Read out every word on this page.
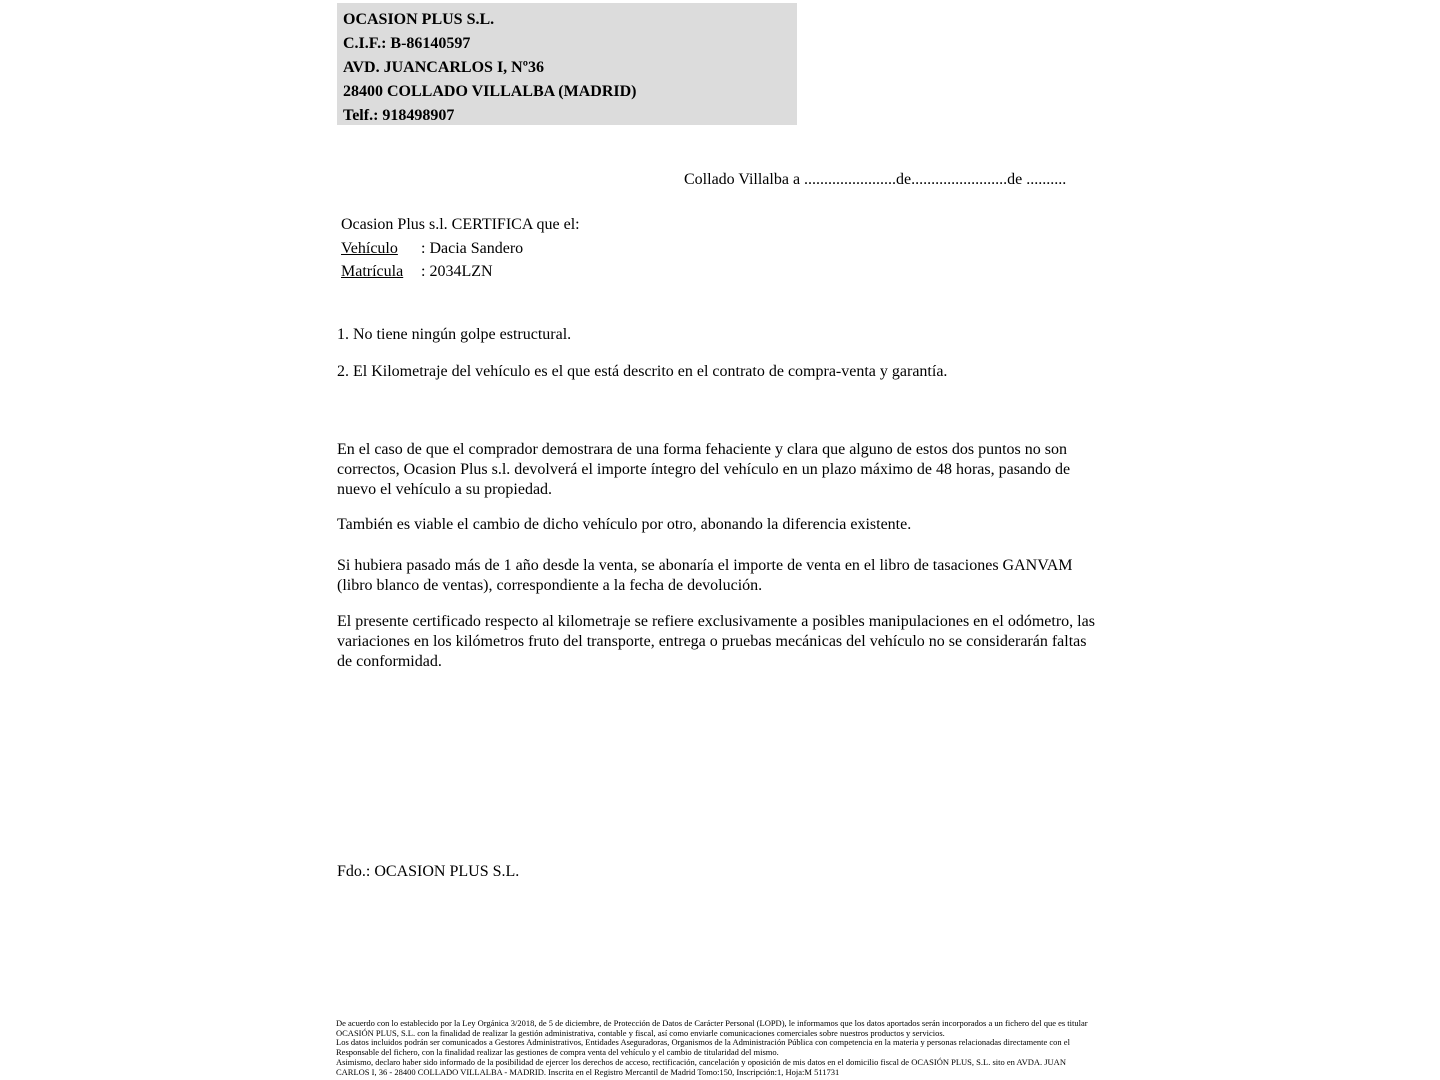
OCASION PLUS S.L.
C.I.F.: B-86140597
AVD. JUANCARLOS I, Nº36
28400 COLLADO VILLALBA (MADRID)
Telf.: 918498907
Collado Villalba a .......................de........................de ..........
Ocasion Plus s.l. CERTIFICA que el:
Vehículo : Dacia Sandero
Matrícula : 2034LZN
1. No tiene ningún golpe estructural.
2. El Kilometraje del vehículo es el que está descrito en el contrato de compra-venta y garantía.
En el caso de que el comprador demostrara de una forma fehaciente y clara que alguno de estos dos puntos no son correctos, Ocasion Plus s.l. devolverá el importe íntegro del vehículo en un plazo máximo de 48 horas, pasando de nuevo el vehículo a su propiedad.
También es viable el cambio de dicho vehículo por otro, abonando la diferencia existente.
Si hubiera pasado más de 1 año desde la venta, se abonaría el importe de venta en el libro de tasaciones GANVAM (libro blanco de ventas), correspondiente a la fecha de devolución.
El presente certificado respecto al kilometraje se refiere exclusivamente a posibles manipulaciones en el odómetro, las variaciones en los kilómetros fruto del transporte, entrega o pruebas mecánicas del vehículo no se considerarán faltas de conformidad.
Fdo.: OCASION PLUS S.L.
De acuerdo con lo establecido por la Ley Orgánica 3/2018, de 5 de diciembre, de Protección de Datos de Carácter Personal (LOPD), le informamos que los datos aportados serán incorporados a un fichero del que es titular
OCASIÓN PLUS, S.L. con la finalidad de realizar la gestión administrativa, contable y fiscal, así como enviarle comunicaciones comerciales sobre nuestros productos y servicios.
Los datos incluidos podrán ser comunicados a Gestores Administrativos, Entidades Aseguradoras, Organismos de la Administración Pública con competencia en la materia y personas relacionadas directamente con el
Responsable del fichero, con la finalidad realizar las gestiones de compra venta del vehículo y el cambio de titularidad del mismo.
Asimismo, declaro haber sido informado de la posibilidad de ejercer los derechos de acceso, rectificación, cancelación y oposición de mis datos en el domicilio fiscal de OCASIÓN PLUS, S.L. sito en AVDA. JUAN
CARLOS I, 36 - 28400 COLLADO VILLALBA - MADRID. Inscrita en el Registro Mercantil de Madrid Tomo:150, Inscripción:1, Hoja:M 511731
